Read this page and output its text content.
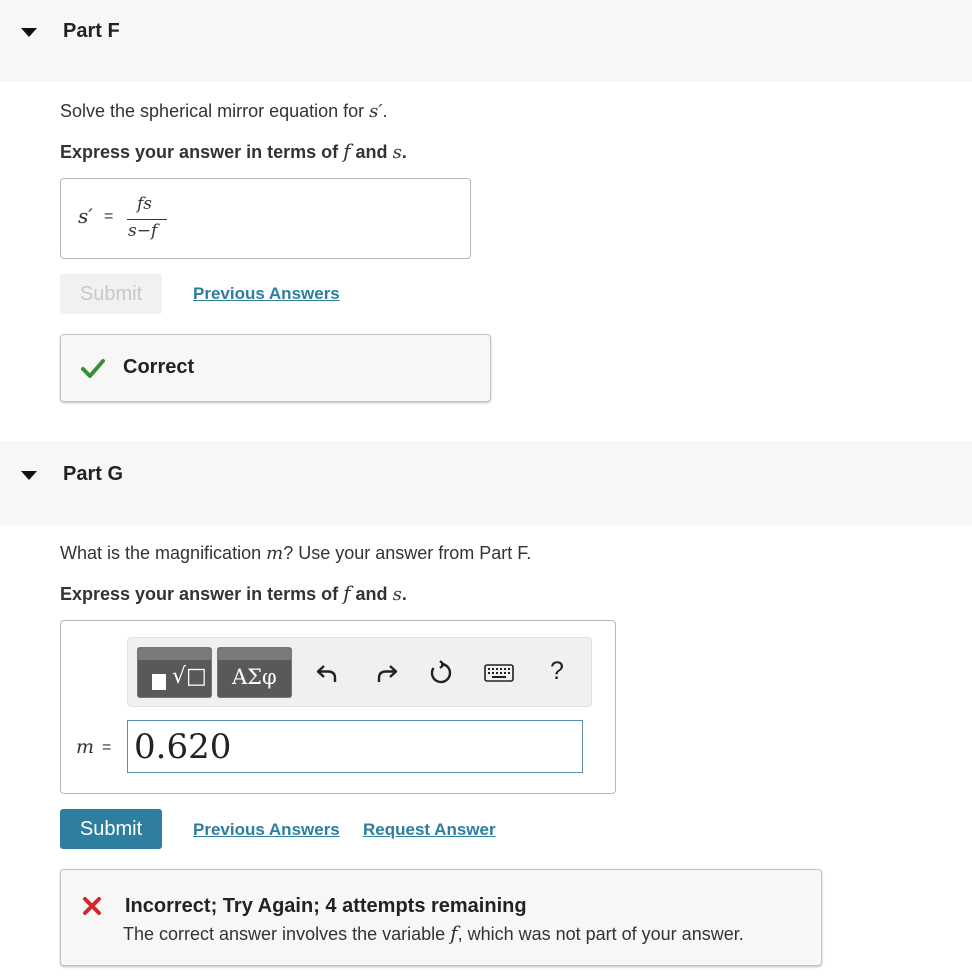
Part F
Solve the spherical mirror equation for s′.
Express your answer in terms of f and s.
s′ =
fs
s−f
Submit	Previous Answers
Correct
Part G
What is the magnification m? Use your answer from Part F.
Express your answer in terms of f and s.
√□ ΑΣφ	?
m = 0.620
Submit	Previous Answers Request Answer
Incorrect; Try Again; 4 attempts remaining
The correct answer involves the variable f, which was not part of your answer.
